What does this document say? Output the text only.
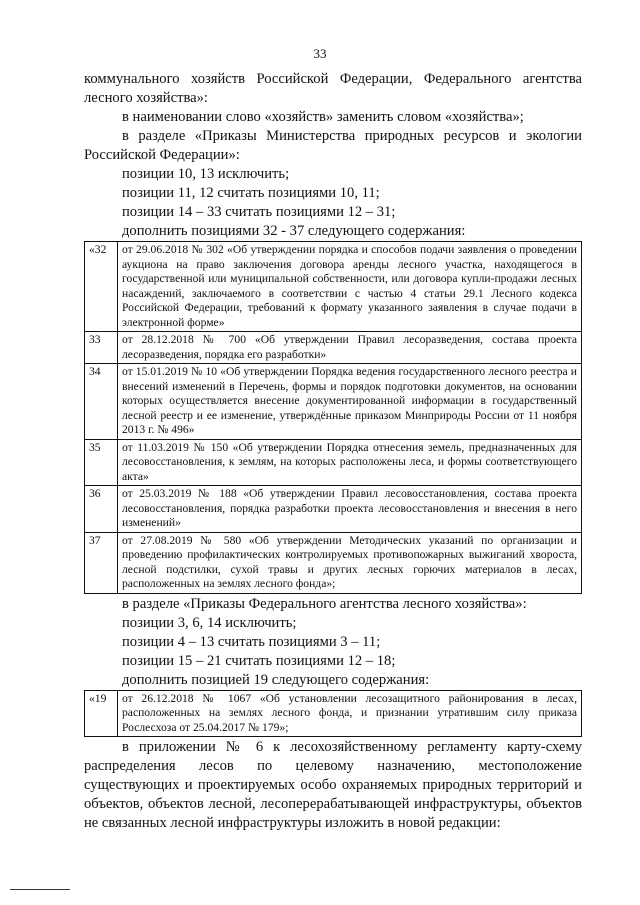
33

коммунального хозяйств Российской Федерации, Федерального агентства лесного хозяйства»:

в наименовании слово «хозяйств» заменить словом «хозяйства»;

в разделе «Приказы Министерства природных ресурсов и экологии Российской Федерации»:

позиции 10, 13 исключить;

позиции 11, 12 считать позициями 10, 11;

позиции 14 – 33 считать позициями 12 – 31;

дополнить позициями 32 - 37 следующего содержания:

«32	от 29.06.2018 № 302 «Об утверждении порядка и способов подачи заявления о проведении аукциона на право заключения договора аренды лесного участка, находящегося в государственной или муниципальной собственности, или договора купли-продажи лесных насаждений, заключаемого в соответствии с частью 4 статьи 29.1 Лесного кодекса Российской Федерации, требований к формату указанного заявления в случае подачи в электронной форме»
33	от 28.12.2018 № 700 «Об утверждении Правил лесоразведения, состава проекта лесоразведения, порядка его разработки»
34	от 15.01.2019 № 10 «Об утверждении Порядка ведения государственного лесного реестра и внесений изменений в Перечень, формы и порядок подготовки документов, на основании которых осуществляется внесение документированной информации в государственный лесной реестр и ее изменение, утверждённые приказом Минприроды России от 11 ноября 2013 г. № 496»
35	от 11.03.2019 № 150 «Об утверждении Порядка отнесения земель, предназначенных для лесовосстановления, к землям, на которых расположены леса, и формы соответствующего акта»
36	от 25.03.2019 № 188 «Об утверждении Правил лесовосстановления, состава проекта лесовосстановления, порядка разработки проекта лесовосстановления и внесения в него изменений»
37	от 27.08.2019 № 580 «Об утверждении Методических указаний по организации и проведению профилактических контролируемых противопожарных выжиганий хвороста, лесной подстилки, сухой травы и других лесных горючих материалов в лесах, расположенных на землях лесного фонда»;

в разделе «Приказы Федерального агентства лесного хозяйства»:

позиции 3, 6, 14 исключить;

позиции 4 – 13 считать позициями 3 – 11;

позиции 15 – 21 считать позициями 12 – 18;

дополнить позицией 19 следующего содержания:

«19	от 26.12.2018 № 1067 «Об установлении лесозащитного районирования в лесах, расположенных на землях лесного фонда, и признании утратившим силу приказа Рослесхоза от 25.04.2017 № 179»;

в приложении № 6 к лесохозяйственному регламенту карту-схему распределения лесов по целевому назначению, местоположение существующих и проектируемых особо охраняемых природных территорий и объектов, объектов лесной, лесоперерабатывающей инфраструктуры, объектов не связанных лесной инфраструктуры изложить в новой редакции:
